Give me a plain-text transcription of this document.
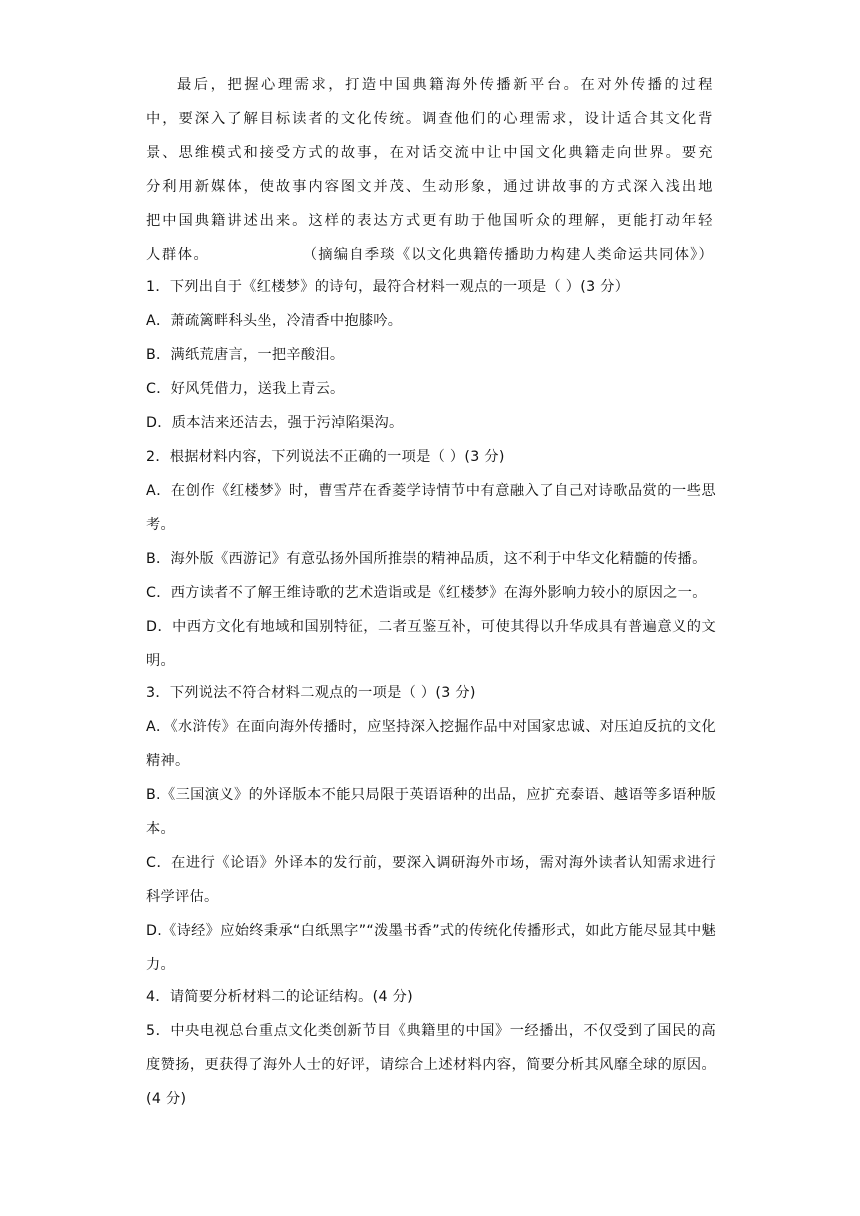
最后，把握心理需求，打造中国典籍海外传播新平台。在对外传播的过程中，要深入了解目标读者的文化传统。调查他们的心理需求，设计适合其文化背景、思维模式和接受方式的故事，在对话交流中让中国文化典籍走向世界。要充分利用新媒体，使故事内容图文并茂、生动形象，通过讲故事的方式深入浅出地把中国典籍讲述出来。这样的表达方式更有助于他国听众的理解，更能打动年轻人群体。	（摘编自季琰《以文化典籍传播助力构建人类命运共同体》）
1．下列出自于《红楼梦》的诗句，最符合材料一观点的一项是（ ）(3 分）
A．萧疏篱畔科头坐，冷清香中抱膝吟。
B．满纸荒唐言，一把辛酸泪。
C．好风凭借力，送我上青云。
D．质本洁来还洁去，强于污淖陷渠沟。
2．根据材料内容，下列说法不正确的一项是（ ）(3 分)
A．在创作《红楼梦》时，曹雪芹在香菱学诗情节中有意融入了自己对诗歌品赏的一些思考。
B．海外版《西游记》有意弘扬外国所推崇的精神品质，这不利于中华文化精髓的传播。
C．西方读者不了解王维诗歌的艺术造诣或是《红楼梦》在海外影响力较小的原因之一。
D．中西方文化有地域和国别特征，二者互鉴互补，可使其得以升华成具有普遍意义的文明。
3．下列说法不符合材料二观点的一项是（ ）(3 分)
A．《水浒传》在面向海外传播时，应坚持深入挖掘作品中对国家忠诚、对压迫反抗的文化精神。
B.《三国演义》的外译版本不能只局限于英语语种的出品，应扩充泰语、越语等多语种版本。
C．在进行《论语》外译本的发行前，要深入调研海外市场，需对海外读者认知需求进行科学评估。
D.《诗经》应始终秉承“白纸黑字”“泼墨书香”式的传统化传播形式，如此方能尽显其中魅力。
4．请简要分析材料二的论证结构。(4 分)
5．中央电视总台重点文化类创新节目《典籍里的中国》一经播出，不仅受到了国民的高度赞扬，更获得了海外人士的好评，请综合上述材料内容，简要分析其风靡全球的原因。(4 分)
